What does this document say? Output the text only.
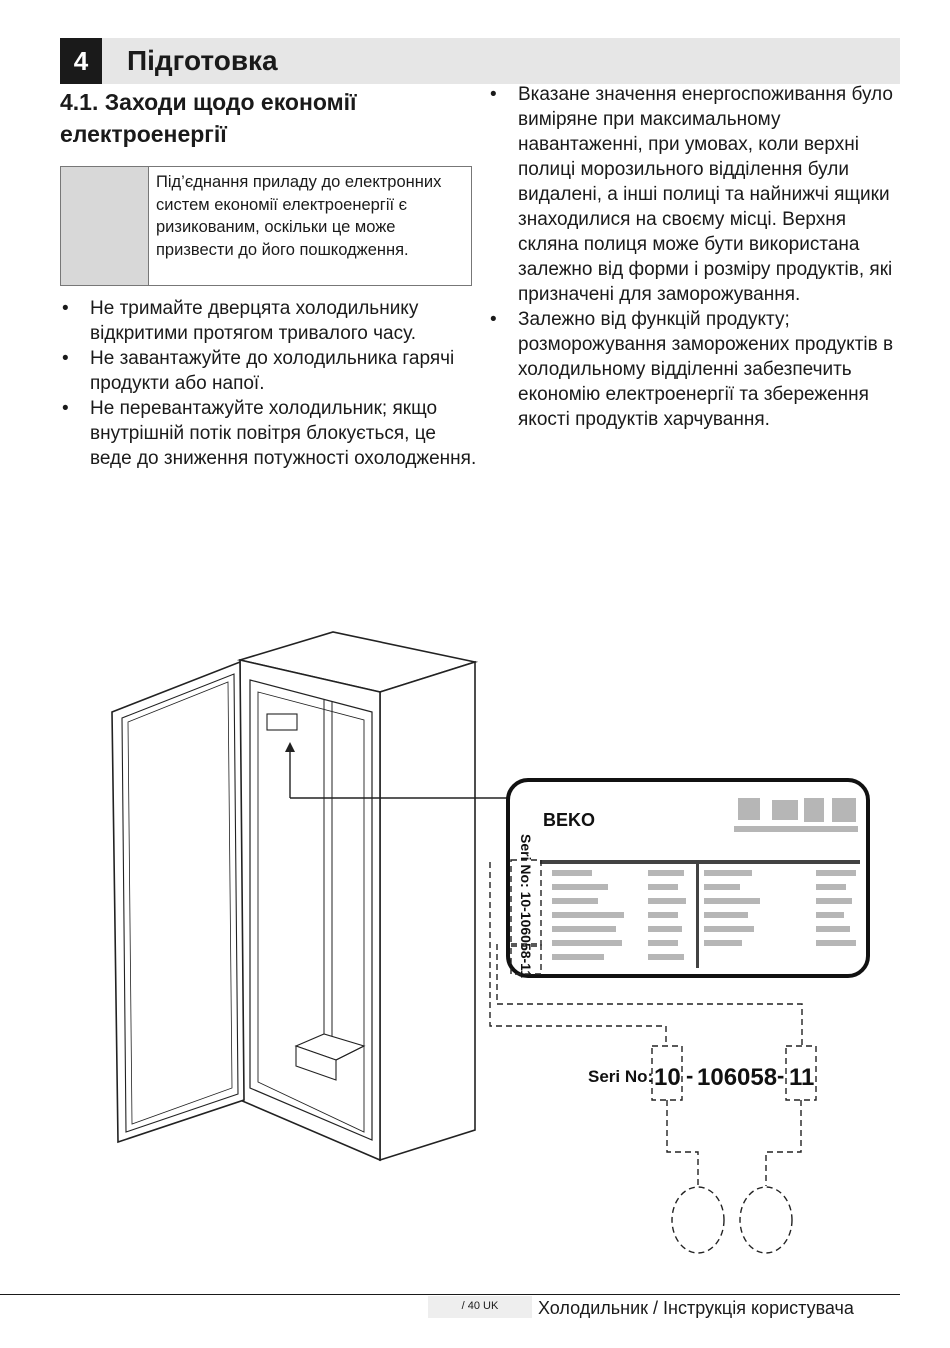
4	Підготовка
4.1. Заходи щодо економії електроенергії
Під’єднання приладу до електронних систем економії електроенергії є ризикованим, оскільки це може призвести до його пошкодження.
• Не тримайте дверцята холодильнику відкритими протягом тривалого часу.
• Не завантажуйте до холодильника гарячі продукти або напої.
• Не перевантажуйте холодильник; якщо внутрішній потік повітря блокується, це веде до зниження потужності охолодження.
• Вказане значення енергоспоживання було виміряне при максимальному навантаженні, при умовах, коли верхні полиці морозильного відділення були видалені, а інші полиці та найнижчі ящики знаходилися на своєму місці. Верхня скляна полиця може бути використана залежно від форми і розміру продуктів, які призначені для заморожування.
• Залежно від функцій продукту; розморожування заморожених продуктів в холодильному відділенні забезпечить економію електроенергії та збереження якості продуктів харчування.
BEKO
Seri No: 10-106058-11
Seri No: 10 - 106058 - 11
/ 40 UK	Холодильник / Інструкція користувача
